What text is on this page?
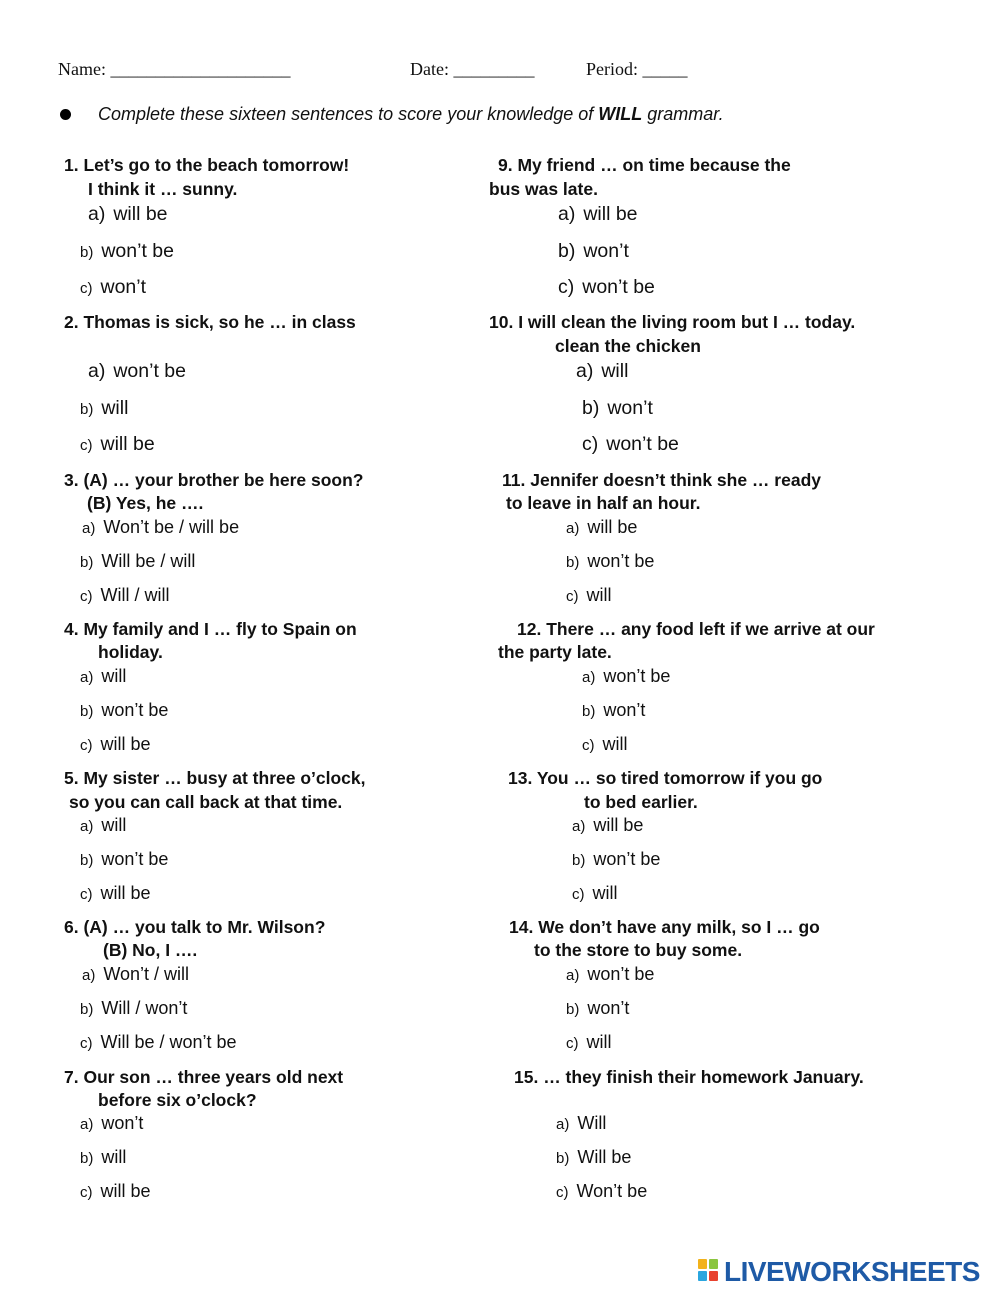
Name: ____________________	Date: _________	Period: _____
Complete these sixteen sentences to score your knowledge of WILL grammar.
1. Let’s go to the beach tomorrow!
I think it … sunny.
a) will be
b) won’t be
c) won’t
2. Thomas is sick, so he … in class
a) won’t be
b) will
c) will be
3. (A) … your brother be here soon?
(B) Yes, he ….
a) Won’t be / will be
b) Will be / will
c) Will / will
4. My family and I … fly to Spain on
holiday.
a) will
b) won’t be
c) will be
5. My sister … busy at three o’clock,
so you can call back at that time.
a) will
b) won’t be
c) will be
6. (A) … you talk to Mr. Wilson?
(B) No, I ….
a) Won’t / will
b) Will / won’t
c) Will be / won’t be
7. Our son … three years old next
before six o’clock?
a) won’t
b) will
c) will be
9. My friend … on time because the
bus was late.
a) will be
b) won’t
c) won’t be
10. I will clean the living room but I … today.
clean the chicken
a) will
b) won’t
c) won’t be
11. Jennifer doesn’t think she … ready
to leave in half an hour.
a) will be
b) won’t be
c) will
12. There … any food left if we arrive at our
the party late.
a) won’t be
b) won’t
c) will
13. You … so tired tomorrow if you go
to bed earlier.
a) will be
b) won’t be
c) will
14. We don’t have any milk, so I … go
to the store to buy some.
a) won’t be
b) won’t
c) will
15. … they finish their homework January.
a) Will
b) Will be
c) Won’t be
LIVEWORKSHEETS
